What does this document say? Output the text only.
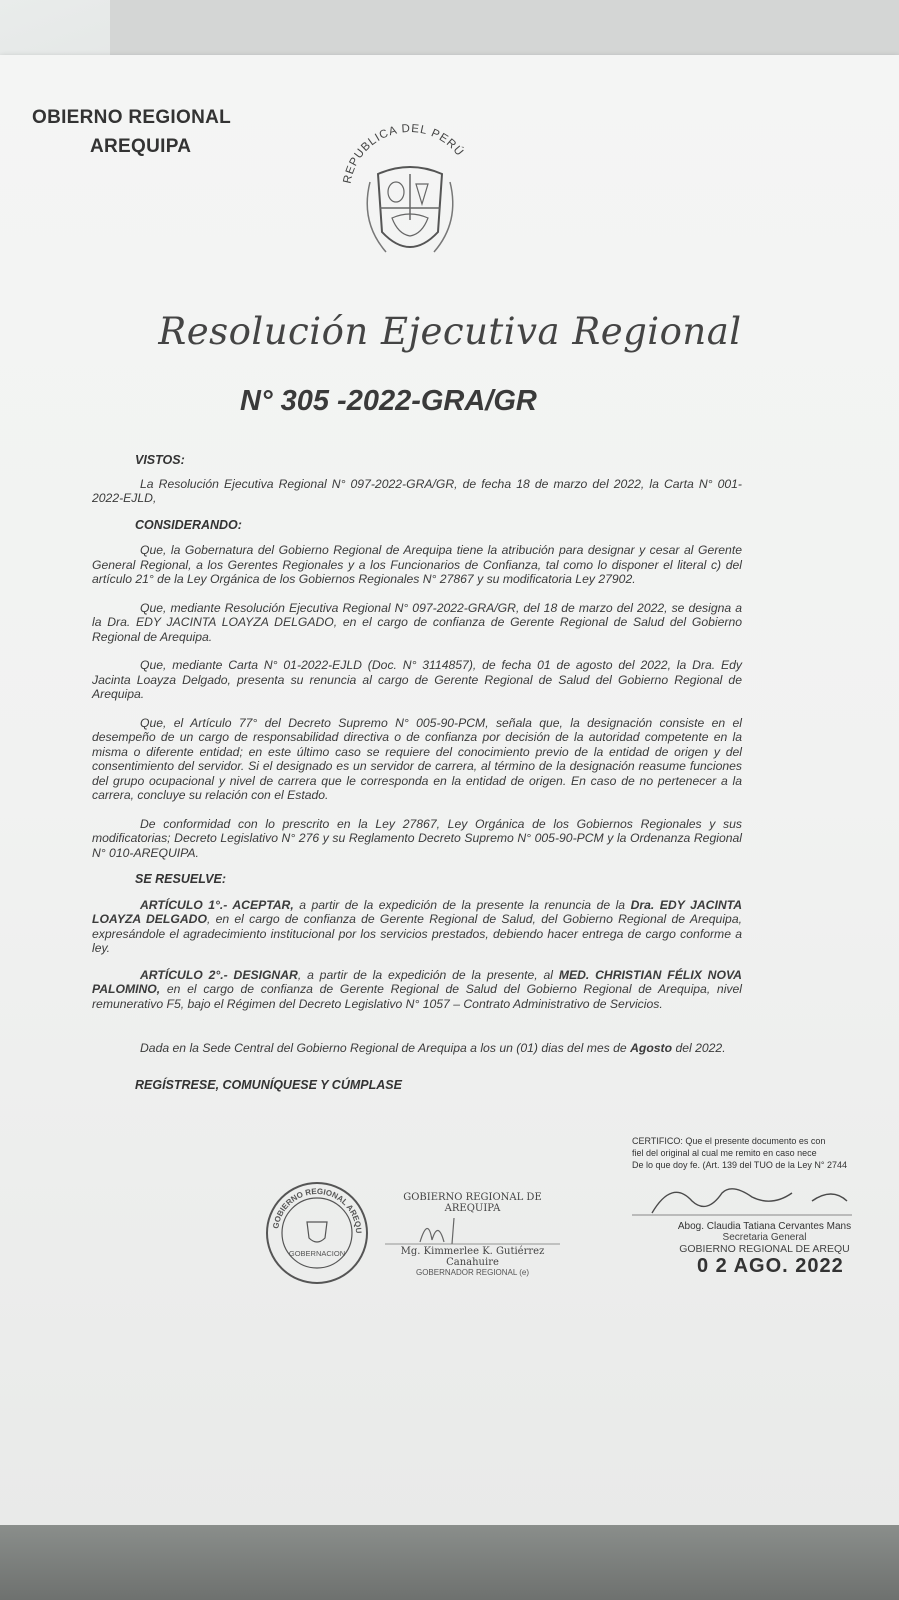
OBIERNO REGIONAL
AREQUIPA
REPUBLICA DEL PERÚ
Resolución Ejecutiva Regional
N° 305 -2022-GRA/GR
VISTOS:

La Resolución Ejecutiva Regional N° 097-2022-GRA/GR, de fecha 18 de marzo del 2022, la Carta N° 001-2022-EJLD,

CONSIDERANDO:

Que, la Gobernatura del Gobierno Regional de Arequipa tiene la atribución para designar y cesar al Gerente General Regional, a los Gerentes Regionales y a los Funcionarios de Confianza, tal como lo disponer el literal c) del artículo 21° de la Ley Orgánica de los Gobiernos Regionales N° 27867 y su modificatoria Ley 27902.

Que, mediante Resolución Ejecutiva Regional N° 097-2022-GRA/GR, del 18 de marzo del 2022, se designa a la Dra. EDY JACINTA LOAYZA DELGADO, en el cargo de confianza de Gerente Regional de Salud del Gobierno Regional de Arequipa.

Que, mediante Carta N° 01-2022-EJLD (Doc. N° 3114857), de fecha 01 de agosto del 2022, la Dra. Edy Jacinta Loayza Delgado, presenta su renuncia al cargo de Gerente Regional de Salud del Gobierno Regional de Arequipa.

Que, el Artículo 77° del Decreto Supremo N° 005-90-PCM, señala que, la designación consiste en el desempeño de un cargo de responsabilidad directiva o de confianza por decisión de la autoridad competente en la misma o diferente entidad; en este último caso se requiere del conocimiento previo de la entidad de origen y del consentimiento del servidor. Si el designado es un servidor de carrera, al término de la designación reasume funciones del grupo ocupacional y nivel de carrera que le corresponda en la entidad de origen. En caso de no pertenecer a la carrera, concluye su relación con el Estado.

De conformidad con lo prescrito en la Ley 27867, Ley Orgánica de los Gobiernos Regionales y sus modificatorias; Decreto Legislativo N° 276 y su Reglamento Decreto Supremo N° 005-90-PCM y la Ordenanza Regional N° 010-AREQUIPA.

SE RESUELVE:

ARTÍCULO 1°.- ACEPTAR, a partir de la expedición de la presente la renuncia de la Dra. EDY JACINTA LOAYZA DELGADO, en el cargo de confianza de Gerente Regional de Salud, del Gobierno Regional de Arequipa, expresándole el agradecimiento institucional por los servicios prestados, debiendo hacer entrega de cargo conforme a ley.

ARTÍCULO 2°.- DESIGNAR, a partir de la expedición de la presente, al MED. CHRISTIAN FÉLIX NOVA PALOMINO, en el cargo de confianza de Gerente Regional de Salud del Gobierno Regional de Arequipa, nivel remunerativo F5, bajo el Régimen del Decreto Legislativo N° 1057 – Contrato Administrativo de Servicios.

Dada en la Sede Central del Gobierno Regional de Arequipa a los un (01) dias del mes de Agosto del 2022.

REGÍSTRESE, COMUNÍQUESE Y CÚMPLASE
GOBIERNO REGIONAL AREQU
GOBERNACION
GOBIERNO REGIONAL DE AREQUIPA
Mg. Kimmerlee K. Gutiérrez Canahuire
GOBERNADOR REGIONAL (e)
CERTIFICO: Que el presente documento es con
fiel del original al cual me remito en caso nece
De lo que doy fe. (Art. 139 del TUO de la Ley N° 2744
Abog. Claudia Tatiana Cervantes Mans
Secretaria General
GOBIERNO REGIONAL DE AREQU
0 2 AGO. 2022
